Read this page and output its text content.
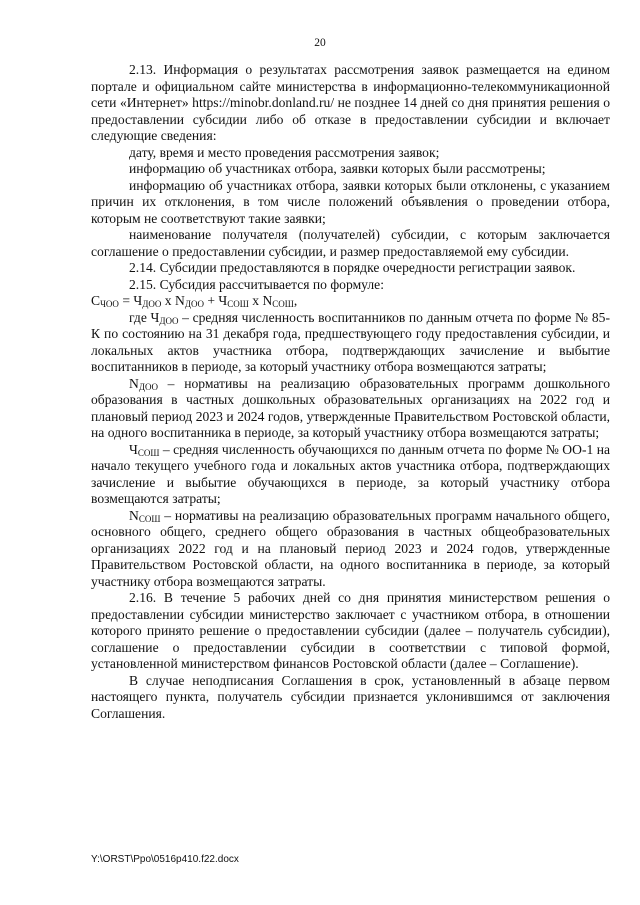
20

2.13. Информация о результатах рассмотрения заявок размещается на едином портале и официальном сайте министерства в информационно-телекоммуникационной сети «Интернет» https://minobr.donland.ru/ не позднее 14 дней со дня принятия решения о предоставлении субсидии либо об отказе в предоставлении субсидии и включает следующие сведения:

дату, время и место проведения рассмотрения заявок;

информацию об участниках отбора, заявки которых были рассмотрены;

информацию об участниках отбора, заявки которых были отклонены, с указанием причин их отклонения, в том числе положений объявления о проведении отбора, которым не соответствуют такие заявки;

наименование получателя (получателей) субсидии, с которым заключается соглашение о предоставлении субсидии, и размер предоставляемой ему субсидии.

2.14. Субсидии предоставляются в порядке очередности регистрации заявок.

2.15. Субсидия рассчитывается по формуле:

$С_{ЧОО} = Ч_{ДОО}$ х $N_{ДОО} + Ч_{СОШ}$ х $N_{СОШ}$,

где $Ч_{ДОО}$ – средняя численность воспитанников по данным отчета по форме № 85-К по состоянию на 31 декабря года, предшествующего году предоставления субсидии, и локальных актов участника отбора, подтверждающих зачисление и выбытие воспитанников в периоде, за который участнику отбора возмещаются затраты;

$N_{ДОО}$ – нормативы на реализацию образовательных программ дошкольного образования в частных дошкольных образовательных организациях на 2022 год и плановый период 2023 и 2024 годов, утвержденные Правительством Ростовской области, на одного воспитанника в периоде, за который участнику отбора возмещаются затраты;

$Ч_{СОШ}$ – средняя численность обучающихся по данным отчета по форме № ОО-1 на начало текущего учебного года и локальных актов участника отбора, подтверждающих зачисление и выбытие обучающихся в периоде, за который участнику отбора возмещаются затраты;

$N_{СОШ}$ – нормативы на реализацию образовательных программ начального общего, основного общего, среднего общего образования в частных общеобразовательных организациях 2022 год и на плановый период 2023 и 2024 годов, утвержденные Правительством Ростовской области, на одного воспитанника в периоде, за который участнику отбора возмещаются затраты.

2.16. В течение 5 рабочих дней со дня принятия министерством решения о предоставлении субсидии министерство заключает с участником отбора, в отношении которого принято решение о предоставлении субсидии (далее – получатель субсидии), соглашение о предоставлении субсидии в соответствии с типовой формой, установленной министерством финансов Ростовской области (далее – Соглашение).

В случае неподписания Соглашения в срок, установленный в абзаце первом настоящего пункта, получатель субсидии признается уклонившимся от заключения Соглашения.

Y:\ORST\Ppo\0516p410.f22.docx
